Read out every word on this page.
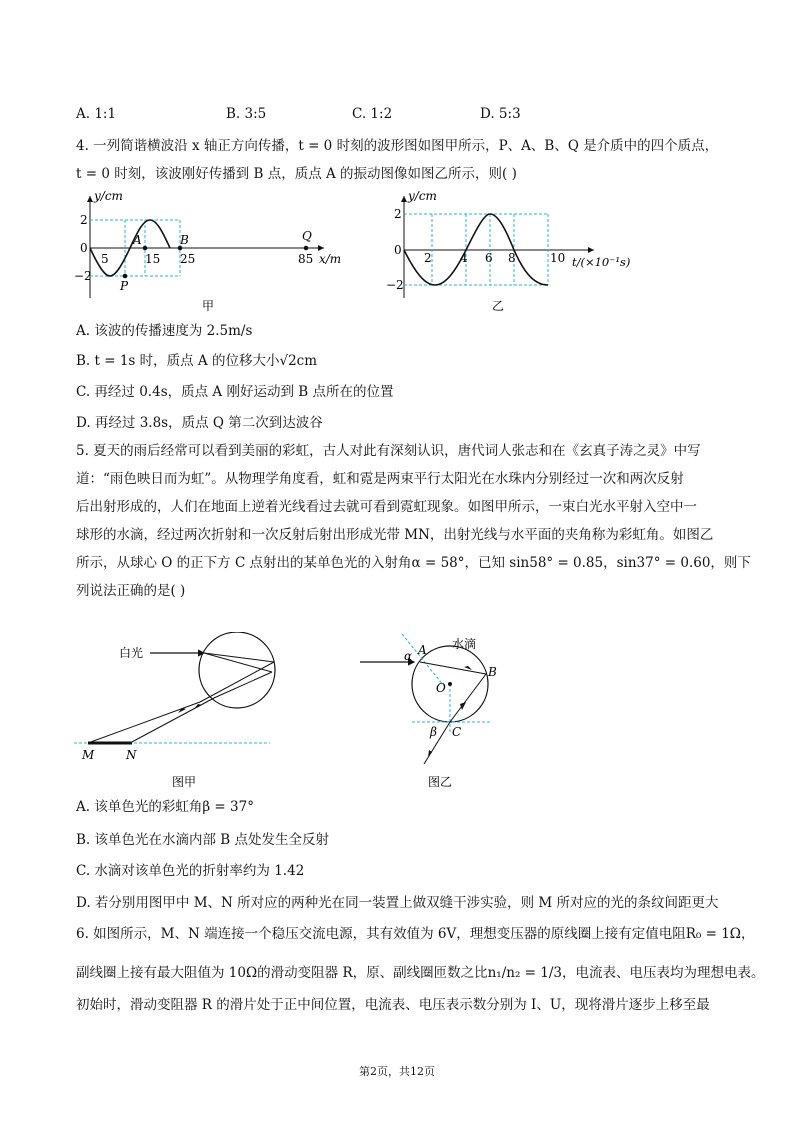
A. 1:1	B. 3:5	C. 1:2	D. 5:3
4. 一列简谐横波沿 x 轴正方向传播，t = 0 时刻的波形图如图甲所示，P、A、B、Q 是介质中的四个质点，
t = 0 时刻，该波刚好传播到 B 点，质点 A 的振动图像如图乙所示，则( )
2
0
−2
y/cm
5	15 25	85 x/m
A	B
P
Q
甲
2
0
−2
y/cm
2 4 6 8	10 t/(×10⁻¹s)
乙
A. 该波的传播速度为 2.5m/s
B. t = 1s 时，质点 A 的位移大小√2cm
C. 再经过 0.4s，质点 A 刚好运动到 B 点所在的位置
D. 再经过 3.8s，质点 Q 第二次到达波谷
5. 夏天的雨后经常可以看到美丽的彩虹，古人对此有深刻认识，唐代词人张志和在《玄真子涛之灵》中写
道：“雨色映日而为虹”。从物理学角度看，虹和霓是两束平行太阳光在水珠内分别经过一次和两次反射
后出射形成的，人们在地面上逆着光线看过去就可看到霓虹现象。如图甲所示，一束白光水平射入空中一
球形的水滴，经过两次折射和一次反射后射出形成光带 MN，出射光线与水平面的夹角称为彩虹角。如图乙
所示，从球心 O 的正下方 C 点射出的某单色光的入射角α = 58°，已知 sin58° = 0.85，sin37° = 0.60，则下
列说法正确的是( )
白光
M	N
图甲
水滴
α A
B
O
C
β
图乙
A. 该单色光的彩虹角β = 37°
B. 该单色光在水滴内部 B 点处发生全反射
C. 水滴对该单色光的折射率约为 1.42
D. 若分别用图甲中 M、N 所对应的两种光在同一装置上做双缝干涉实验，则 M 所对应的光的条纹间距更大
6. 如图所示，M、N 端连接一个稳压交流电源，其有效值为 6V，理想变压器的原线圈上接有定值电阻R₀ = 1Ω，
副线圈上接有最大阻值为 10Ω的滑动变阻器 R，原、副线圈匝数之比n₁/n₂ = 1/3，电流表、电压表均为理想电表。
初始时，滑动变阻器 R 的滑片处于正中间位置，电流表、电压表示数分别为 I、U，现将滑片逐步上移至最
第2页，共12页
